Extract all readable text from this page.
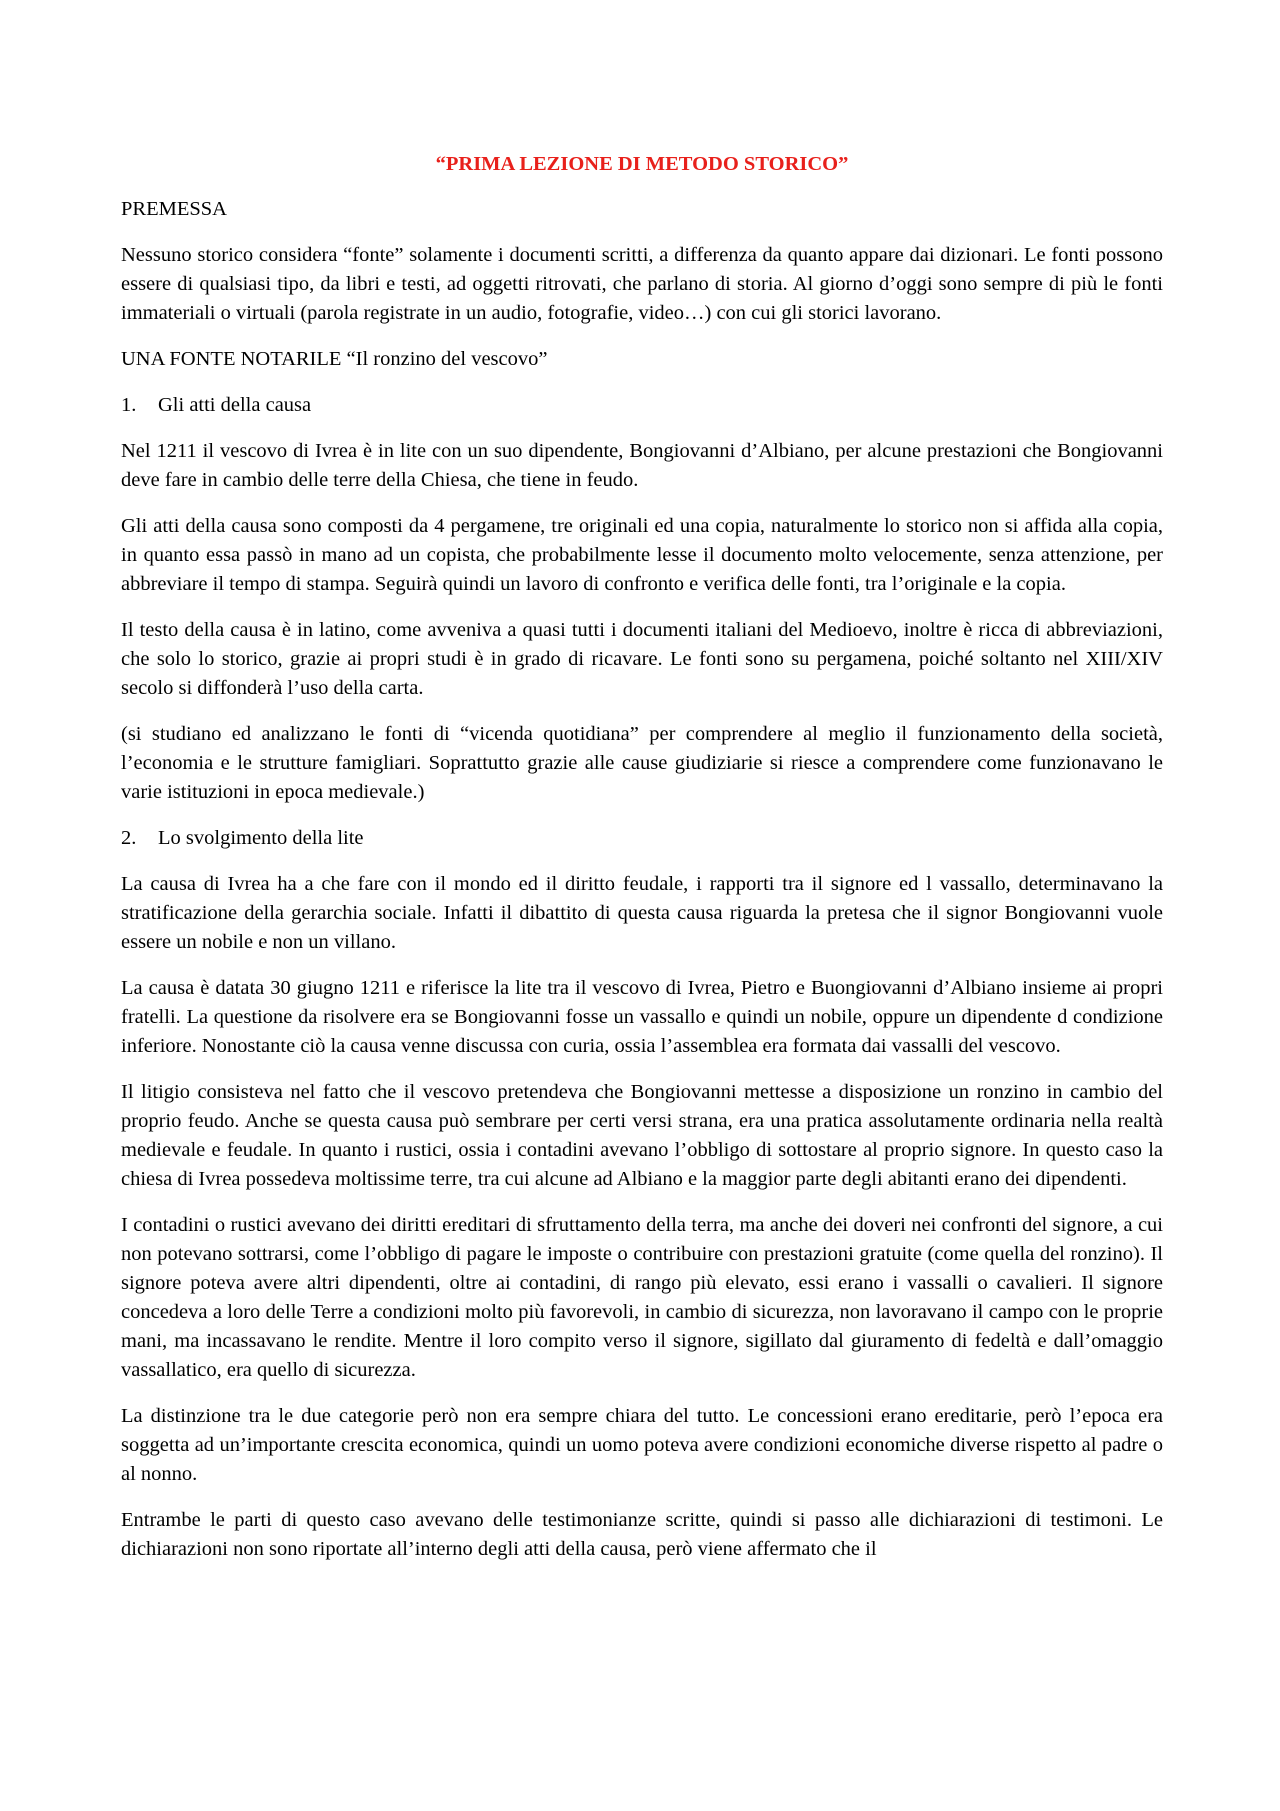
“PRIMA LEZIONE DI METODO STORICO”
PREMESSA
Nessuno storico considera “fonte” solamente i documenti scritti, a differenza da quanto appare dai dizionari. Le fonti possono essere di qualsiasi tipo, da libri e testi, ad oggetti ritrovati, che parlano di storia. Al giorno d’oggi sono sempre di più le fonti immateriali o virtuali (parola registrate in un audio, fotografie, video…) con cui gli storici lavorano.
UNA FONTE NOTARILE “Il ronzino del vescovo”
1.	Gli atti della causa
Nel 1211 il vescovo di Ivrea è in lite con un suo dipendente, Bongiovanni d’Albiano, per alcune prestazioni che Bongiovanni deve fare in cambio delle terre della Chiesa, che tiene in feudo.
Gli atti della causa sono composti da 4 pergamene, tre originali ed una copia, naturalmente lo storico non si affida alla copia, in quanto essa passò in mano ad un copista, che probabilmente lesse il documento molto velocemente, senza attenzione, per abbreviare il tempo di stampa. Seguirà quindi un lavoro di confronto e verifica delle fonti, tra l’originale e la copia.
Il testo della causa è in latino, come avveniva a quasi tutti i documenti italiani del Medioevo, inoltre è ricca di abbreviazioni, che solo lo storico, grazie ai propri studi è in grado di ricavare. Le fonti sono su pergamena, poiché soltanto nel XIII/XIV secolo si diffonderà l’uso della carta.
(si studiano ed analizzano le fonti di “vicenda quotidiana” per comprendere al meglio il funzionamento della società, l’economia e le strutture famigliari. Soprattutto grazie alle cause giudiziarie si riesce a comprendere come funzionavano le varie istituzioni in epoca medievale.)
2.	Lo svolgimento della lite
La causa di Ivrea ha a che fare con il mondo ed il diritto feudale, i rapporti tra il signore ed l vassallo, determinavano la stratificazione della gerarchia sociale. Infatti il dibattito di questa causa riguarda la pretesa che il signor Bongiovanni vuole essere un nobile e non un villano.
La causa è datata 30 giugno 1211 e riferisce la lite tra il vescovo di Ivrea, Pietro e Buongiovanni d’Albiano insieme ai propri fratelli. La questione da risolvere era se Bongiovanni fosse un vassallo e quindi un nobile, oppure un dipendente d condizione inferiore. Nonostante ciò la causa venne discussa con curia, ossia l’assemblea era formata dai vassalli del vescovo.
Il litigio consisteva nel fatto che il vescovo pretendeva che Bongiovanni mettesse a disposizione un ronzino in cambio del proprio feudo. Anche se questa causa può sembrare per certi versi strana, era una pratica assolutamente ordinaria nella realtà medievale e feudale. In quanto i rustici, ossia i contadini avevano l’obbligo di sottostare al proprio signore. In questo caso la chiesa di Ivrea possedeva moltissime terre, tra cui alcune ad Albiano e la maggior parte degli abitanti erano dei dipendenti.
I contadini o rustici avevano dei diritti ereditari di sfruttamento della terra, ma anche dei doveri nei confronti del signore, a cui non potevano sottrarsi, come l’obbligo di pagare le imposte o contribuire con prestazioni gratuite (come quella del ronzino). Il signore poteva avere altri dipendenti, oltre ai contadini, di rango più elevato, essi erano i vassalli o cavalieri. Il signore concedeva a loro delle Terre a condizioni molto più favorevoli, in cambio di sicurezza, non lavoravano il campo con le proprie mani, ma incassavano le rendite. Mentre il loro compito verso il signore, sigillato dal giuramento di fedeltà e dall’omaggio vassallatico, era quello di sicurezza.
La distinzione tra le due categorie però non era sempre chiara del tutto. Le concessioni erano ereditarie, però l’epoca era soggetta ad un’importante crescita economica, quindi un uomo poteva avere condizioni economiche diverse rispetto al padre o al nonno.
Entrambe le parti di questo caso avevano delle testimonianze scritte, quindi si passo alle dichiarazioni di testimoni. Le dichiarazioni non sono riportate all’interno degli atti della causa, però viene affermato che il
